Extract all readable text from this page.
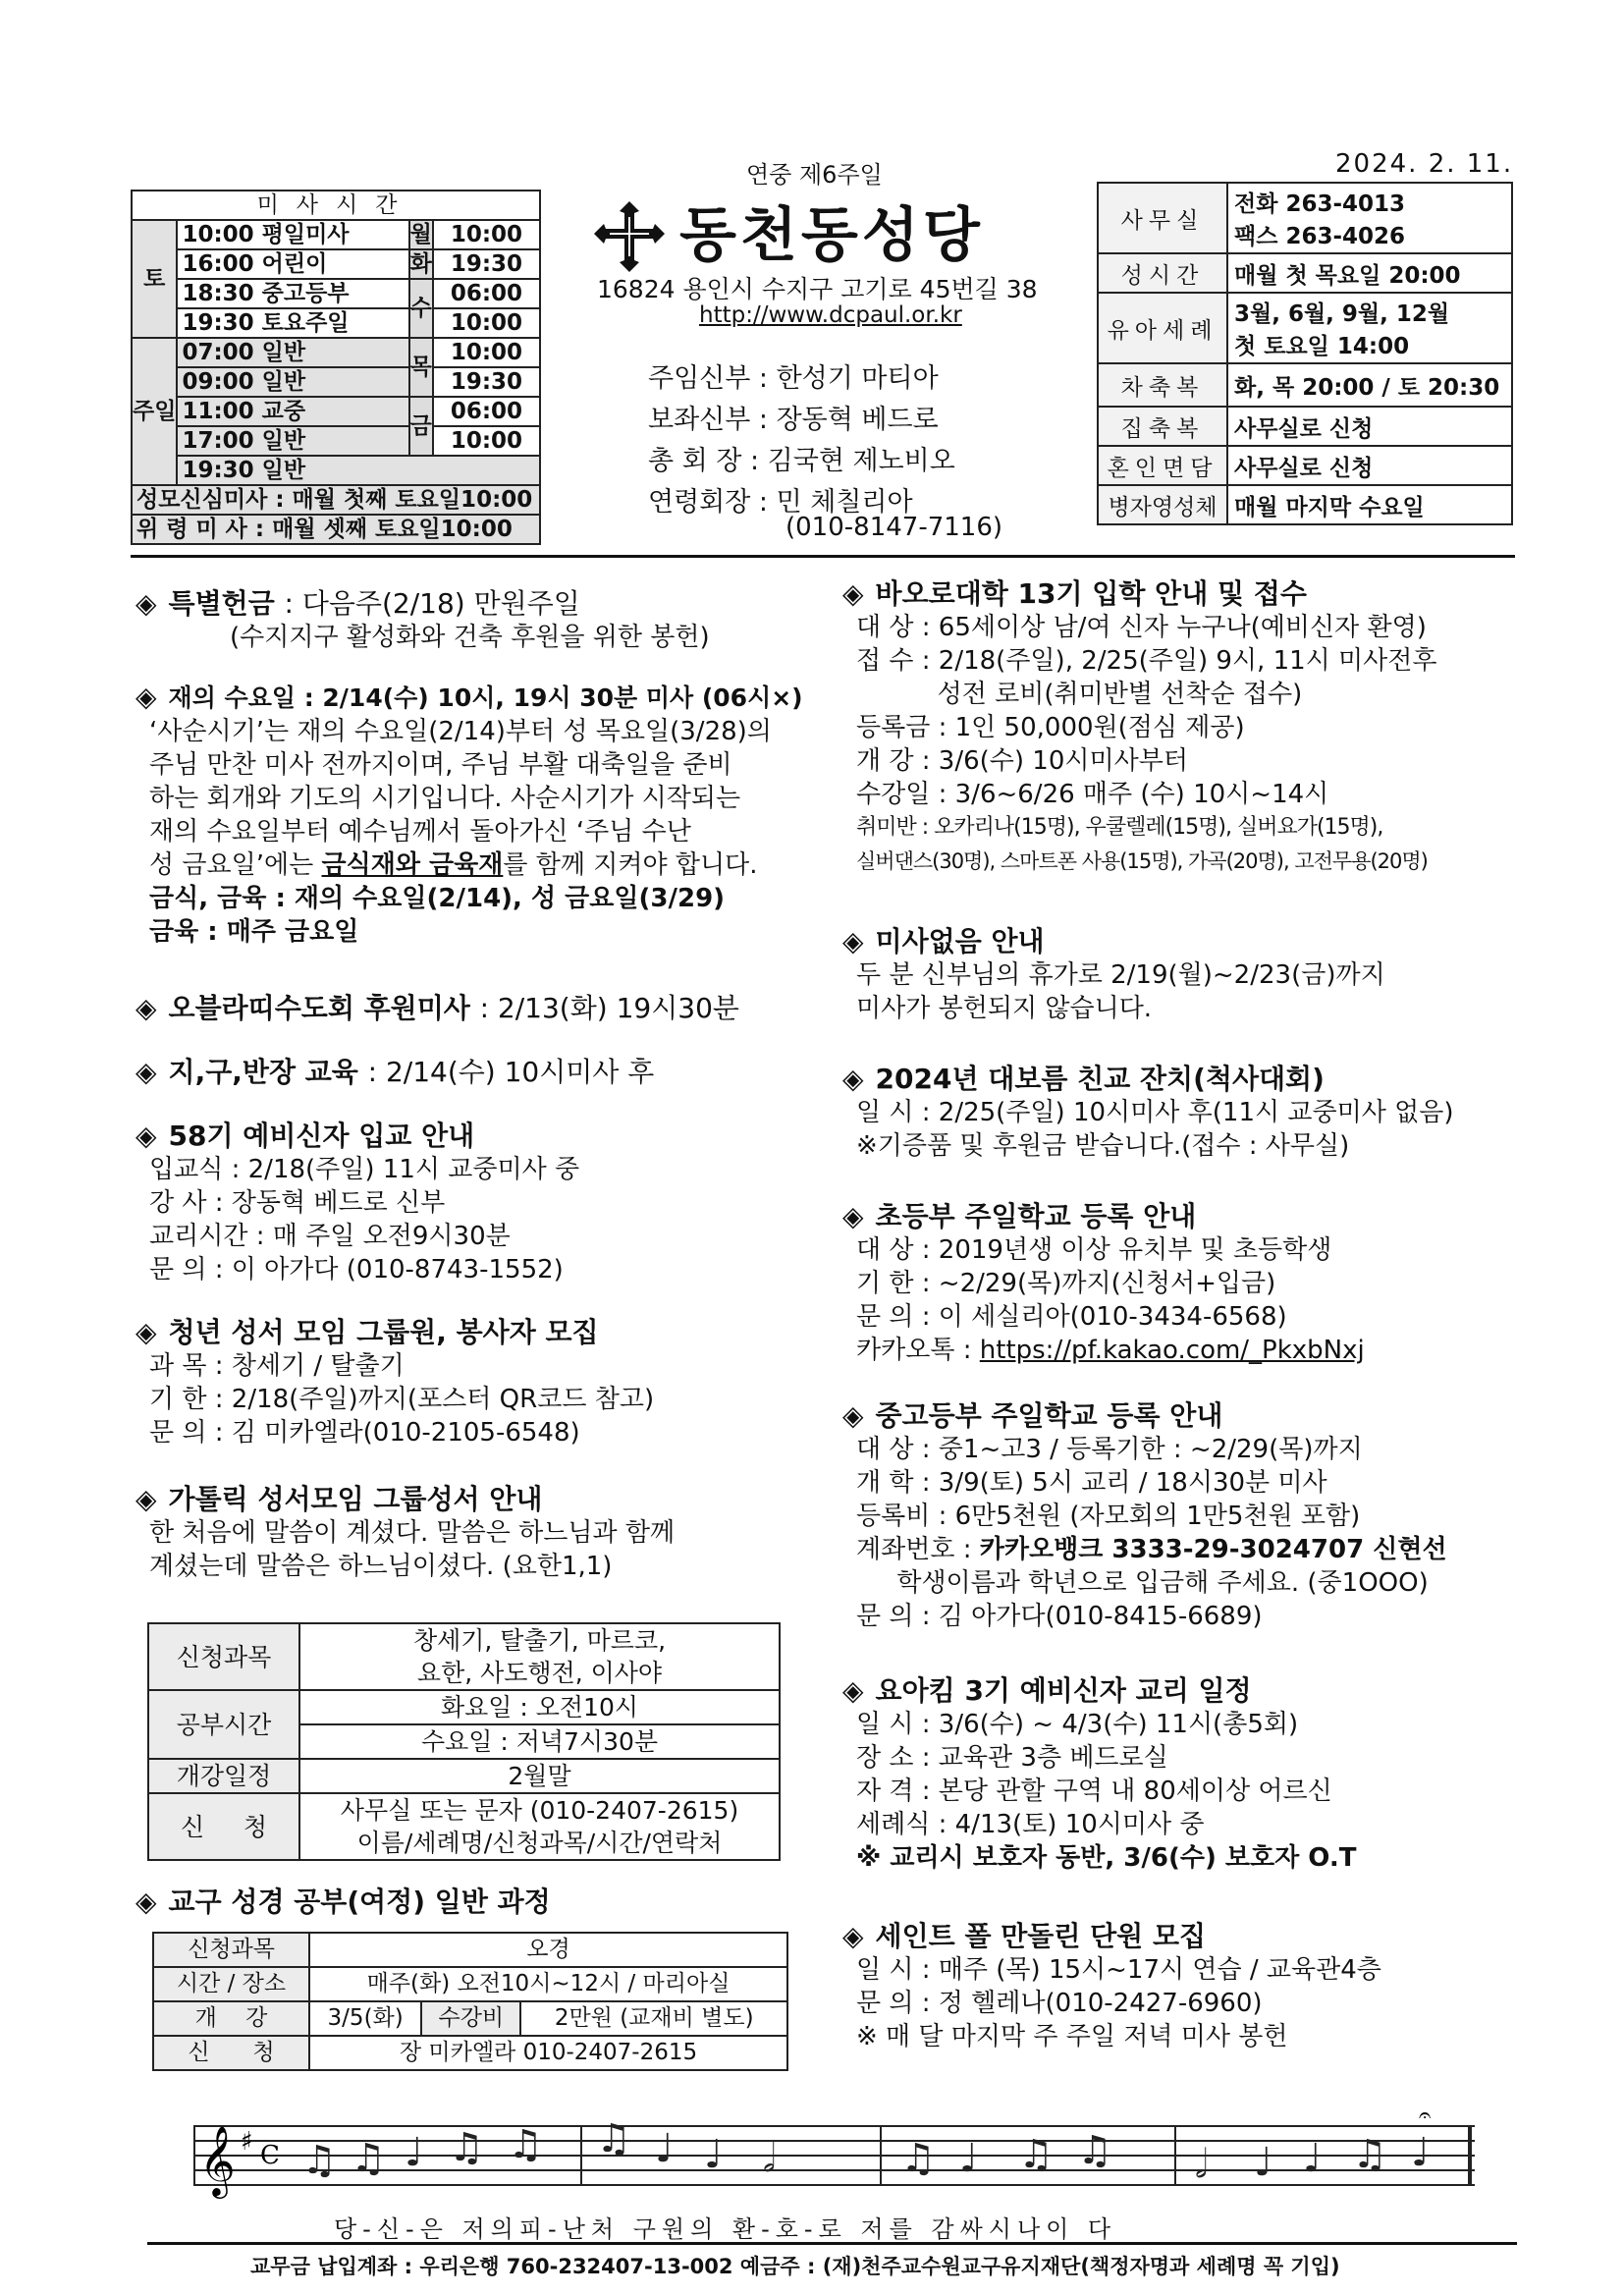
연중 제6주일	2024. 2. 11.
미사시간			
토	10:00 평일미사	월	10:00
	16:00 어린이	화	19:30
	18:30 중고등부	수	06:00
	19:30 토요주일		10:00
주일	07:00 일반	목	10:00
	09:00 일반		19:30
	11:00 교중	금	06:00
	17:00 일반		10:00
	19:30 일반		
성모신심미사 : 매월 첫째 토요일10:00			
위 령 미 사 : 매월 셋째 토요일10:00			
동천동성당
16824 용인시 수지구 고기로 45번길 38
http://www.dcpaul.or.kr
주임신부 : 한성기 마티아
보좌신부 : 장동혁 베드로
총 회 장 : 김국현 제노비오
연령회장 : 민 체칠리아
(010-8147-7116)
사무실	전화 263-4013
팩스 263-4026

성시간	매월 첫 목요일 20:00
유아세례	3월, 6월, 9월, 12월
첫 토요일 14:00

차축복	화, 목 20:00 / 토 20:30
집축복	사무실로 신청
혼인면담	사무실로 신청
병자영성체	매월 마지막 수요일
◈ 특별헌금 : 다음주(2/18) 만원주일

(수지지구 활성화와 건축 후원을 위한 봉헌)

◈ 재의 수요일 : 2/14(수) 10시, 19시 30분 미사 (06시×)

‘사순시기’는 재의 수요일(2/14)부터 성 목요일(3/28)의

주님 만찬 미사 전까지이며, 주님 부활 대축일을 준비

하는 회개와 기도의 시기입니다. 사순시기가 시작되는

재의 수요일부터 예수님께서 돌아가신 ‘주님 수난

성 금요일’에는 금식재와 금육재를 함께 지켜야 합니다.

금식, 금육 : 재의 수요일(2/14), 성 금요일(3/29)

금육 : 매주 금요일

◈ 오블라띠수도회 후원미사 : 2/13(화) 19시30분
◈ 지,구,반장 교육 : 2/14(수) 10시미사 후
◈ 58기 예비신자 입교 안내

입교식 : 2/18(주일) 11시 교중미사 중

강 사 : 장동혁 베드로 신부

교리시간 : 매 주일 오전9시30분

문 의 : 이 아가다 (010-8743-1552)

◈ 청년 성서 모임 그룹원, 봉사자 모집

과 목 : 창세기 / 탈출기

기 한 : 2/18(주일)까지(포스터 QR코드 참고)

문 의 : 김 미카엘라(010-2105-6548)

◈ 가톨릭 성서모임 그룹성서 안내

한 처음에 말씀이 계셨다. 말씀은 하느님과 함께

계셨는데 말씀은 하느님이셨다. (요한1,1)

신청과목	창세기, 탈출기, 마르코,
요한, 사도행전, 이사야

공부시간	화요일 : 오전10시
	수요일 : 저녁7시30분
개강일정	2월말
신     청	사무실 또는 문자 (010-2407-2615)
이름/세례명/신청과목/시간/연락처
◈ 교구 성경 공부(여정) 일반 과정
신청과목	오경		
시간 / 장소	매주(화) 오전10시~12시 / 마리아실		
개    강	3/5(화)	수강비	2만원 (교재비 별도)
신      청	장 미카엘라 010-2407-2615		
◈ 바오로대학 13기 입학 안내 및 접수

대 상 : 65세이상 남/여 신자 누구나(예비신자 환영)

접 수 : 2/18(주일), 2/25(주일) 9시, 11시 미사전후

성전 로비(취미반별 선착순 접수)

등록금 : 1인 50,000원(점심 제공)

개 강 : 3/6(수) 10시미사부터

수강일 : 3/6~6/26 매주 (수) 10시~14시

취미반 : 오카리나(15명), 우쿨렐레(15명), 실버요가(15명),

실버댄스(30명), 스마트폰 사용(15명), 가곡(20명), 고전무용(20명)

◈ 미사없음 안내

두 분 신부님의 휴가로 2/19(월)~2/23(금)까지

미사가 봉헌되지 않습니다.

◈ 2024년 대보름 친교 잔치(척사대회)

일 시 : 2/25(주일) 10시미사 후(11시 교중미사 없음)

※기증품 및 후원금 받습니다.(접수 : 사무실)

◈ 초등부 주일학교 등록 안내

대 상 : 2019년생 이상 유치부 및 초등학생

기 한 : ~2/29(목)까지(신청서+입금)

문 의 : 이 세실리아(010-3434-6568)

카카오톡 : https://pf.kakao.com/_PkxbNxj

◈ 중고등부 주일학교 등록 안내

대 상 : 중1~고3 / 등록기한 : ~2/29(목)까지

개 학 : 3/9(토) 5시 교리 / 18시30분 미사

등록비 : 6만5천원 (자모회의 1만5천원 포함)

계좌번호 : 카카오뱅크 3333-29-3024707 신현선

학생이름과 학년으로 입금해 주세요. (중1OOO)

문 의 : 김 아가다(010-8415-6689)

◈ 요아킴 3기 예비신자 교리 일정

일 시 : 3/6(수) ~ 4/3(수) 11시(총5회)

장 소 : 교육관 3층 베드로실

자 격 : 본당 관할 구역 내 80세이상 어르신

세례식 : 4/13(토) 10시미사 중

※ 교리시 보호자 동반, 3/6(수) 보호자 O.T

◈ 세인트 폴 만돌린 단원 모집

일 시 : 매주 (목) 15시~17시 연습 / 교육관4층

문 의 : 정 헬레나(010-2427-6960)

※ 매 달 마지막 주 주일 저녁 미사 봉헌

𝄞 ♯ C ♫ ♫ ♩ ♫ ♫ ♫ ♩ ♩ 𝅗𝅥	♫ ♩ ♫ ♫ 𝅗𝅥 ♩ ♩ ♫ ♩
𝄐
당-신-은 저의피-난처 구원의 환-호-로 저를 감싸시나이 다
교무금 납입계좌 : 우리은행 760-232407-13-002 예금주 : (재)천주교수원교구유지재단(책정자명과 세례명 꼭 기입)
